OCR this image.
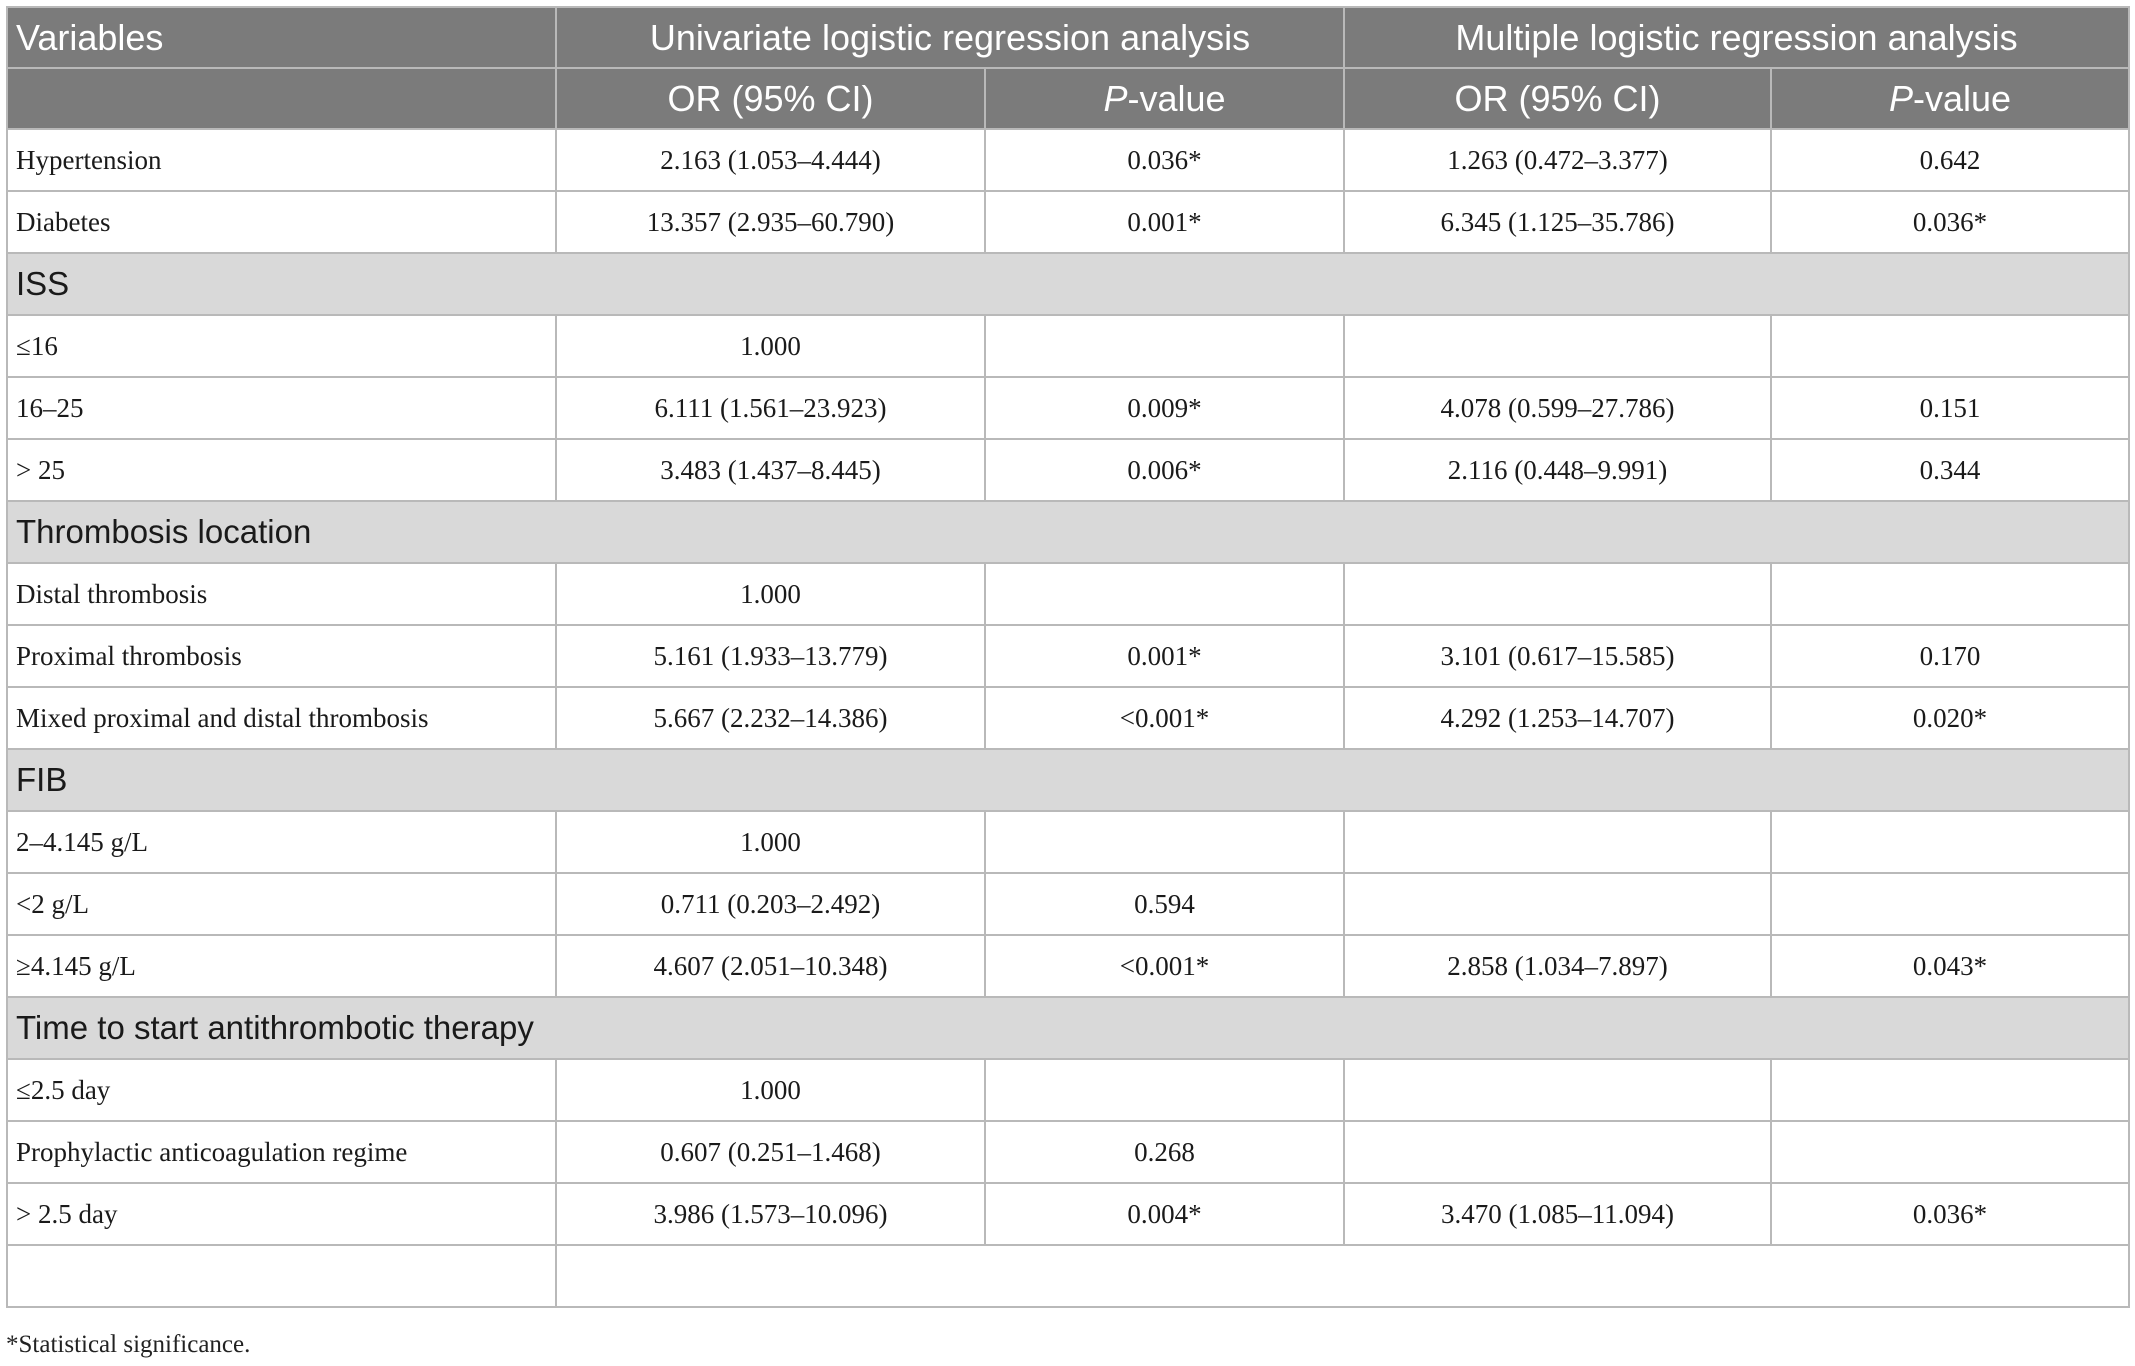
Variables	Univariate logistic regression analysis		Multiple logistic regression analysis	
	OR (95% CI)	P-value	OR (95% CI)	P-value
Hypertension	2.163 (1.053–4.444)	0.036*	1.263 (0.472–3.377)	0.642
Diabetes	13.357 (2.935–60.790)	0.001*	6.345 (1.125–35.786)	0.036*
ISS				
≤16	1.000			
16–25	6.111 (1.561–23.923)	0.009*	4.078 (0.599–27.786)	0.151
> 25	3.483 (1.437–8.445)	0.006*	2.116 (0.448–9.991)	0.344
Thrombosis location				
Distal thrombosis	1.000			
Proximal thrombosis	5.161 (1.933–13.779)	0.001*	3.101 (0.617–15.585)	0.170
Mixed proximal and distal thrombosis	5.667 (2.232–14.386)	<0.001*	4.292 (1.253–14.707)	0.020*
FIB				
2–4.145 g/L	1.000			
<2 g/L	0.711 (0.203–2.492)	0.594		
≥4.145 g/L	4.607 (2.051–10.348)	<0.001*	2.858 (1.034–7.897)	0.043*
Time to start antithrombotic therapy				
≤2.5 day	1.000			
Prophylactic anticoagulation regime	0.607 (0.251–1.468)	0.268		
> 2.5 day	3.986 (1.573–10.096)	0.004*	3.470 (1.085–11.094)	0.036*

*Statistical significance.
